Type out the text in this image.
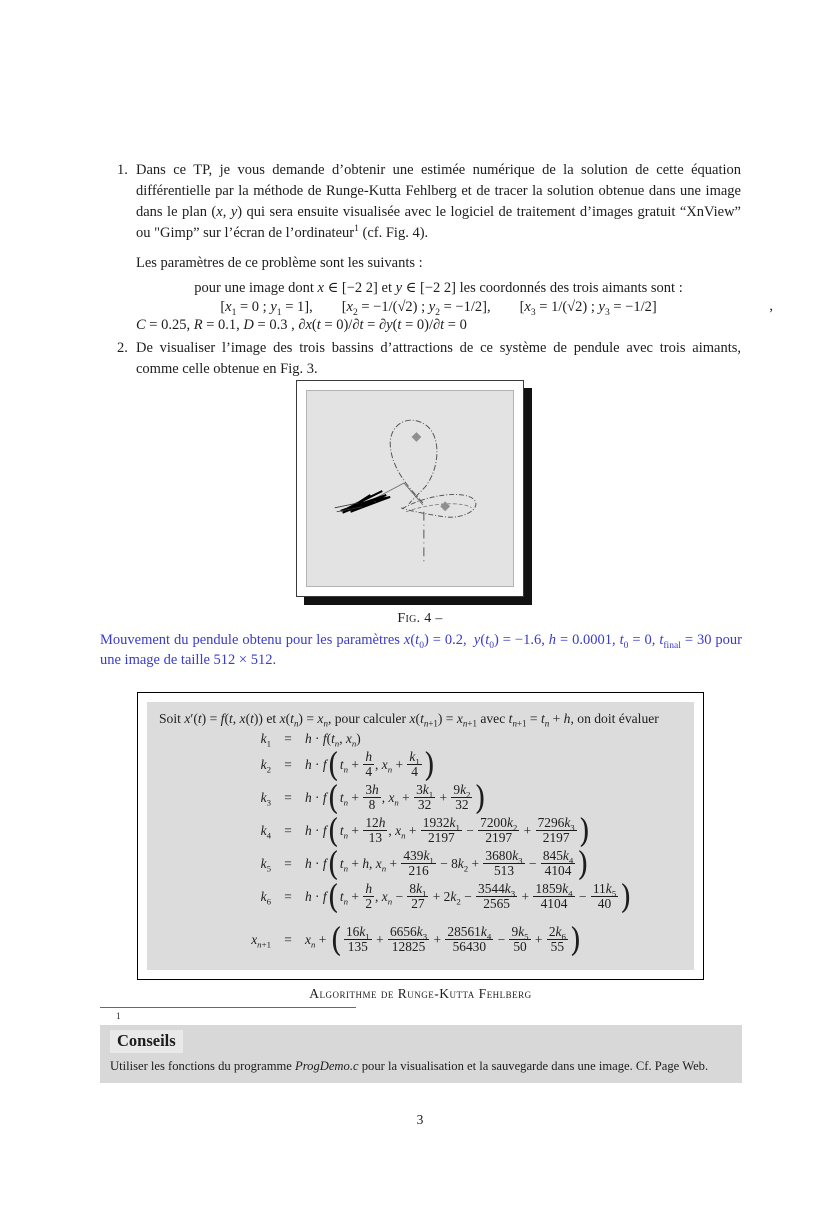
1. Dans ce TP, je vous demande d’obtenir une estimée numérique de la solution de cette équation différentielle par la méthode de Runge-Kutta Fehlberg et de tracer la solution obtenue dans une image dans le plan (x, y) qui sera ensuite visualisée avec le logiciel de traitement d’images gratuit “XnView” ou "Gimp” sur l’écran de l’ordinateur$^1$ (cf. Fig. 4).
Les paramètres de ce problème sont les suivants :
pour une image dont x ∈ [−2 2] et y ∈ [−2 2] les coordonnés des trois aimants sont :
[$x_1 = 0$ ; $y_1 = 1$],  [$x_2 = -1/(√2)$ ; $y_2 = -1/2$],  [$x_3 = 1/(√2)$ ; $y_3 = -1/2$]	,
C = 0.25, R = 0.1, D = 0.3 , ∂x(t = 0)/∂t = ∂y(t = 0)/∂t = 0
2. De visualiser l’image des trois bassins d’attractions de ce système de pendule avec trois aimants, comme celle obtenue en Fig. 3.
Fig. 4 –
Mouvement du pendule obtenu pour les paramètres $x(t_0) = 0.2$, $y(t_0) = -1.6$, h = 0.0001, $t_0 = 0$, $t_{final} = 30$ pour une image de taille 512 × 512.
Soit x′(t) = f(t, x(t)) et $x(t_n) = x_n$, pour calculer $x(t_{n+1}) = x_{n+1}$ avec $t_{n+1} = t_n + h$, on doit évaluer
$k_1 = h \cdot f(t_n$, $x_n$)
$k_2 = h \cdot f$ ( $t_n + \frac{h}{4}$ , $x_n + \frac{k_1}{4}$ )
$k_3 = h \cdot f$ ( $t_n + \frac{3h}{8}$ , $x_n + \frac{3k_1}{32} + \frac{9k_2}{32}$ )
$k_4 = h \cdot f$ ( $t_n + \frac{12h}{13}$ , $x_n + \frac{1932k_1}{2197} - \frac{7200k_2}{2197} + \frac{7296k_3}{2197}$ )
$k_5 = h \cdot f$ ( $t_n + h$, $x_n + \frac{439k_1}{216} - 8k_2 + \frac{3680k_3}{513} - \frac{845k_4}{4104}$ )
$k_6 = h \cdot f$ ( $t_n + \frac{h}{2}$ , $x_n - \frac{8k_1}{27} + 2k_2 - \frac{3544k_3}{2565} + \frac{1859k_4}{4104} - \frac{11k_5}{40}$ )
$x_{n+1} = x_n$ + ( $\frac{16k_1}{135} + \frac{6656k_3}{12825} + \frac{28561k_4}{56430} - \frac{9k_5}{50} + \frac{2k_6}{55}$ )
Algorithme de Runge-Kutta Fehlberg
1
Conseils
Utiliser les fonctions du programme ProgDemo.c pour la visualisation et la sauvegarde dans une image. Cf. Page Web.
3
